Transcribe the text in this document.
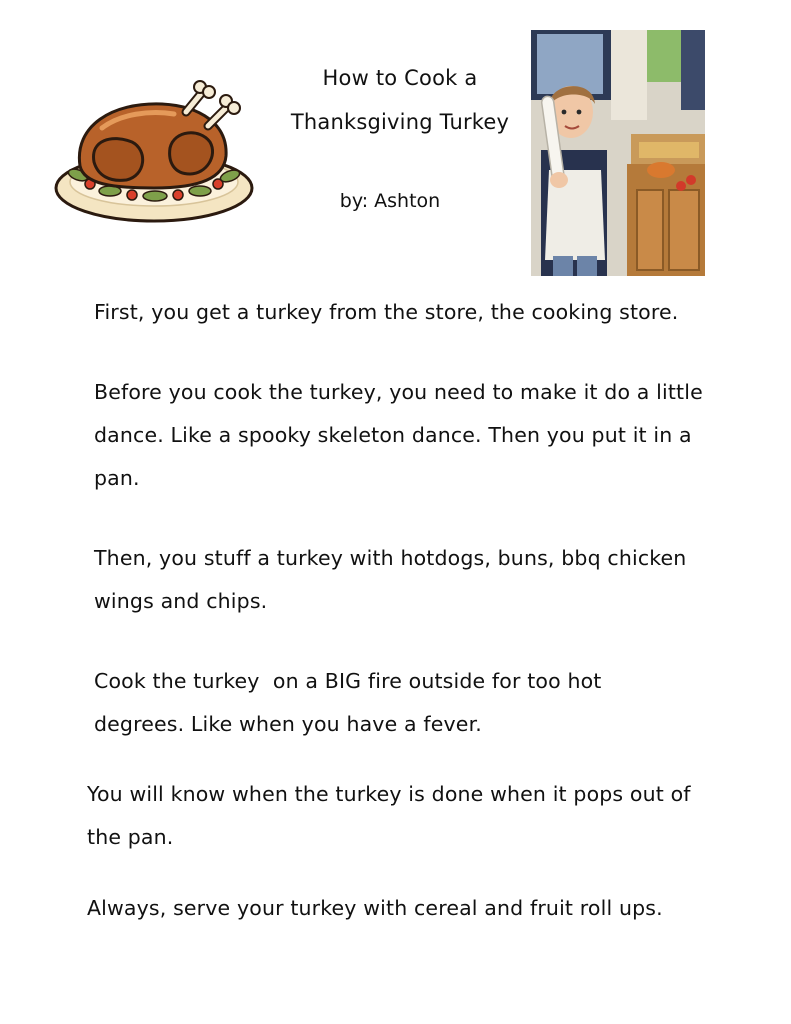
How to Cook a
Thanksgiving Turkey
by: Ashton
First, you get a turkey from the store, the cooking store.
Before you cook the turkey, you need to make it do a little
dance. Like a spooky skeleton dance. Then you put it in a
pan.
Then, you stuff a turkey with hotdogs, buns, bbq chicken
wings and chips.
Cook the turkey  on a BIG fire outside for too hot
degrees. Like when you have a fever.
You will know when the turkey is done when it pops out of
the pan.
Always, serve your turkey with cereal and fruit roll ups.
